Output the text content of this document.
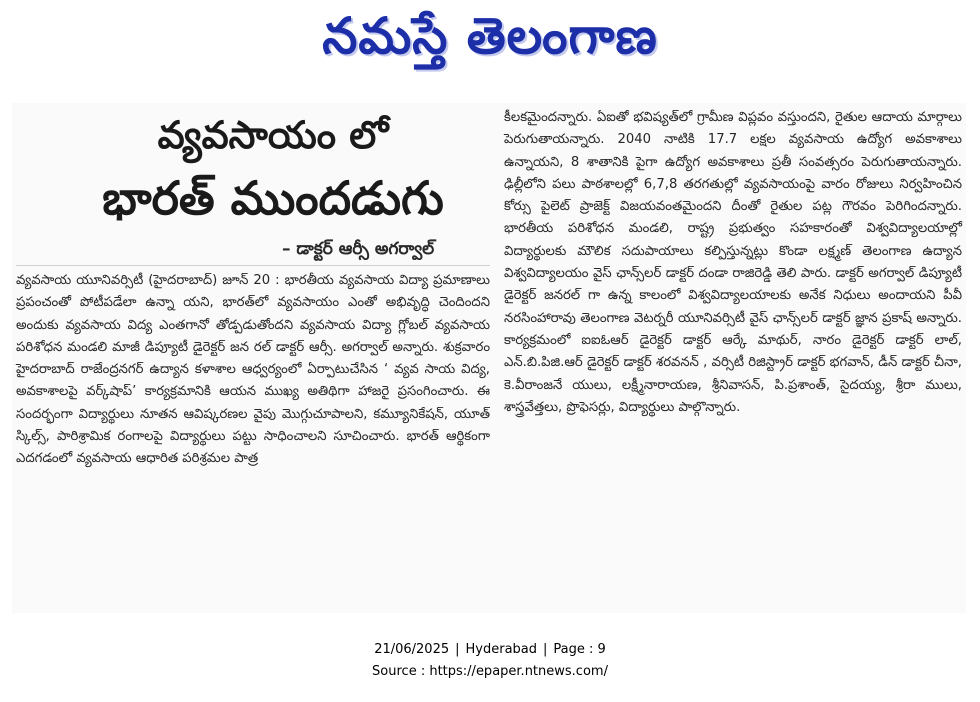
నమస్తే తెలంగాణ
వ్యవసాయం లో
భారత్‌ ముందడుగు
– డాక్టర్‌ ఆర్సీ అగర్వాల్‌

వ్యవసాయ యూనివర్సిటీ (హైదరాబాద్‌) జూన్‌ 20 : భారతీయ వ్యవసాయ విద్యా ప్రమాణాలు ప్రపంచంతో పోటీపడేలా ఉన్నా యని, భారత్‌లో వ్యవసాయం ఎంతో అభివృద్ధి చెందిందని అందుకు వ్యవసాయ విద్య ఎంతగానో తోడ్పడుతోందని వ్యవసాయ విద్యా గ్లోబల్‌ వ్యవసాయ పరిశోధన మండలి మాజీ డిప్యూటీ డైరెక్టర్‌ జన రల్‌ డాక్టర్‌ ఆర్సీ. అగర్వాల్‌ అన్నారు. శుక్రవారం హైదరాబాద్‌ రాజేంద్రనగర్‌ ఉద్యాన కళాశాల ఆధ్వర్యంలో ఏర్పాటుచేసిన ‘ వ్యవ సాయ విద్య, అవకాశాలపై వర్క్‌షాప్‌’ కార్యక్రమానికి ఆయన ముఖ్య అతిథిగా హాజరై ప్రసంగించారు. ఈ సందర్భంగా విద్యార్థులు నూతన ఆవిష్కరణల వైపు మొగ్గుచూపాలని, కమ్యూనికేషన్‌, యూత్‌ స్కిల్స్‌, పారిశ్రామిక రంగాలపై విద్యార్థులు పట్టు సాధించాలని సూచించారు. భారత్‌ ఆర్థికంగా ఎదగడంలో వ్యవసాయ ఆధారిత పరిశ్రమల పాత్ర

కీలకమైందన్నారు. ఏఐతో భవిష్యత్‌లో గ్రామీణ విప్లవం వస్తుందని, రైతుల ఆదాయ మార్గాలు పెరుగుతాయన్నారు. 2040 నాటికి 17.7 లక్షల వ్యవసాయ ఉద్యోగ అవకాశాలు ఉన్నాయని, 8 శాతానికి పైగా ఉద్యోగ అవకాశాలు ప్రతీ సంవత్సరం పెరుగుతాయన్నారు. ఢిల్లీలోని పలు పాఠశాలల్లో 6,7,8 తరగతుల్లో వ్యవసాయంపై వారం రోజులు నిర్వహించిన కోర్సు పైలెట్‌ ప్రాజెక్ట్‌ విజయవంతమైందని దీంతో రైతుల పట్ల గౌరవం పెరిగిందన్నారు. భారతీయ పరిశోధన మండలి, రాష్ట్ర ప్రభుత్వం సహకారంతో విశ్వవిద్యాలయాల్లో విద్యార్థులకు మౌలిక సదుపాయాలు కల్పిస్తున్నట్లు కొండా లక్ష్మణ్‌ తెలంగాణ ఉద్యాన విశ్వవిద్యాలయం వైస్‌ ఛాన్స్‌లర్‌ డాక్టర్‌ దండా రాజిరెడ్డి తెలి పారు. డాక్టర్‌ అగర్వాల్‌ డిప్యూటీ డైరెక్టర్‌ జనరల్‌ గా ఉన్న కాలంలో విశ్వవిద్యాలయాలకు అనేక నిధులు అందాయని పీవీ నరసింహారావు తెలంగాణ వెటర్నరీ యూనివర్సిటీ వైస్‌ ఛాన్స్‌లర్‌ డాక్టర్‌ జ్ఞాన ప్రకాష్‌ అన్నారు. కార్యక్రమంలో ఐఐఓఆర్‌ డైరెక్టర్‌ డాక్టర్‌ ఆర్కే మాథుర్‌, నారం డైరెక్టర్‌ డాక్టర్‌ లాల్‌, ఎన్‌.బి.పిజి.ఆర్‌ డైరెక్టర్‌ డాక్టర్‌ శరవనన్‌ , వర్సిటీ రిజిస్ట్రార్‌ డాక్టర్‌ భగవాన్‌, డీన్‌ డాక్టర్‌ చీనా, కె.వీరాంజనే యులు, లక్ష్మీనారాయణ, శ్రీనివాసన్‌, పి.ప్రశాంత్‌, సైదయ్య, శ్రీరా ములు, శాస్త్రవేత్తలు, ప్రొఫెసర్లు, విద్యార్థులు పాల్గొన్నారు.

21/06/2025 | Hyderabad | Page : 9
Source : https://epaper.ntnews.com/
